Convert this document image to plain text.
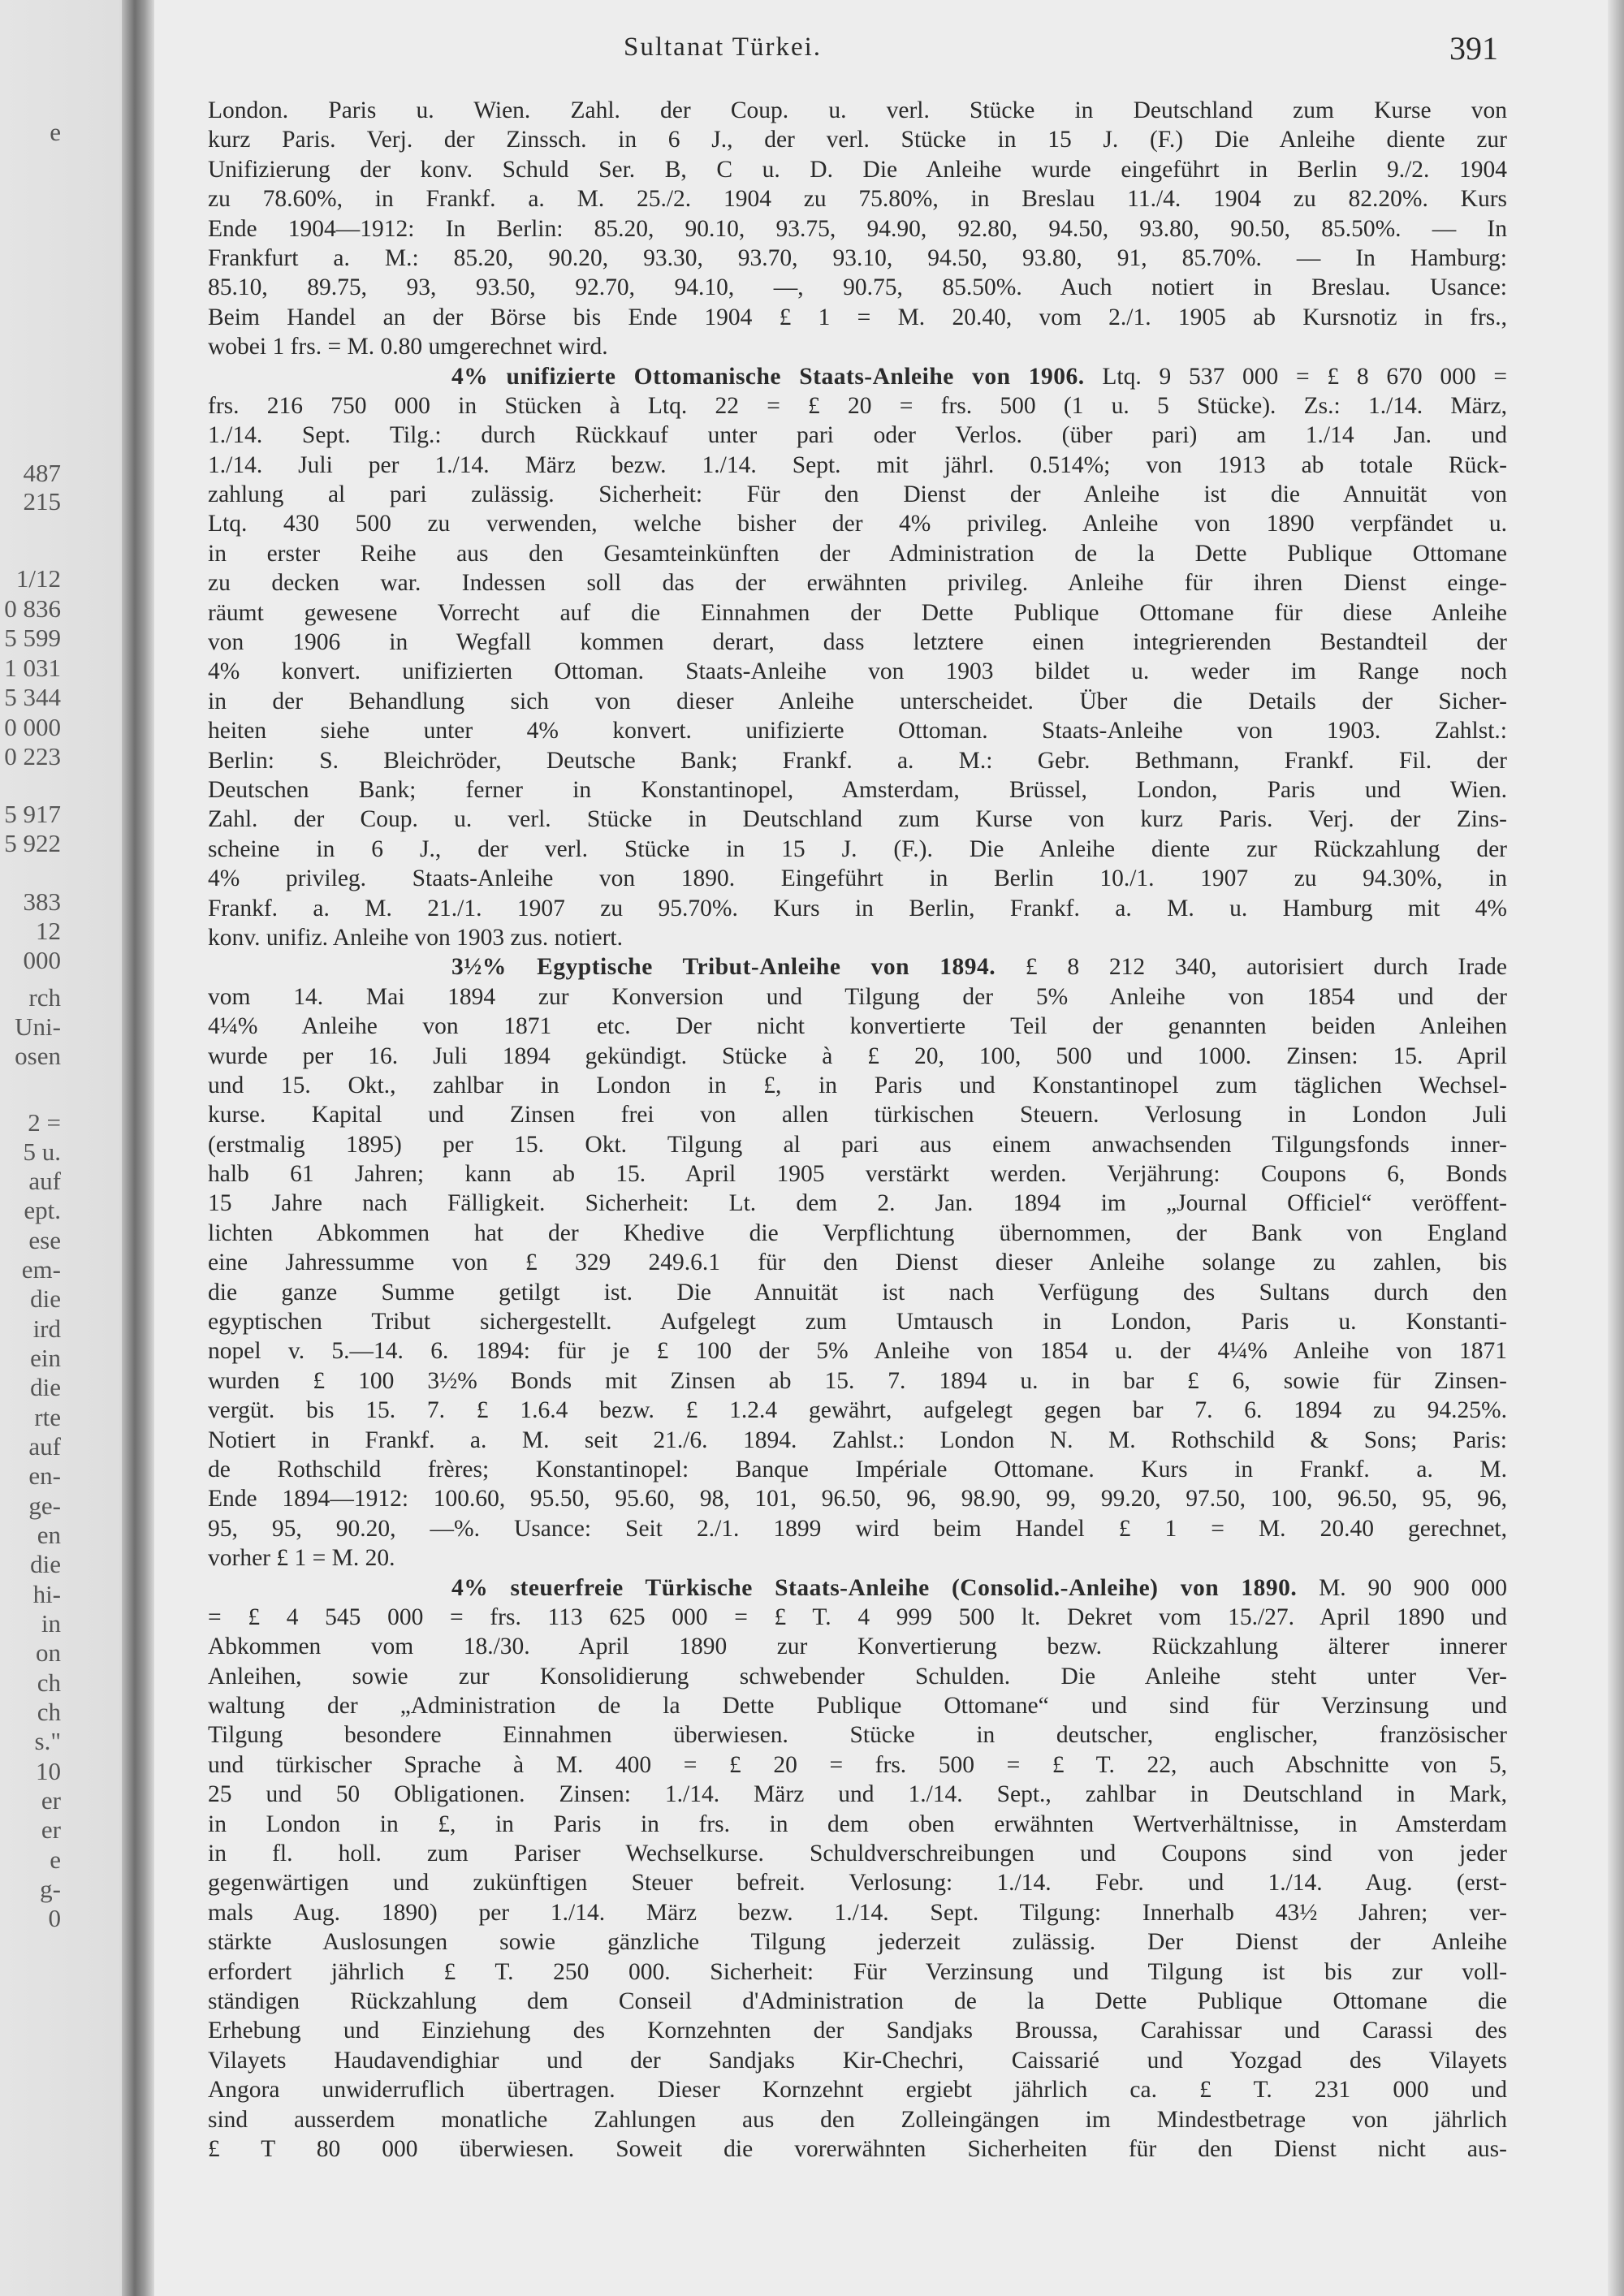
e
487
215
1/12
0 836
5 599
1 031
5 344
0 000
0 223
5 917
5 922
383
12
000
rch
Uni-
osen
2 =
5 u.
auf
ept.
ese
em-
die
ird
ein
die
rte
auf
en-
ge-
en
die
hi-
in
on
ch
ch
s."
10
er
er
e
g-
0
Sultanat Türkei.	391
London. Paris u. Wien. Zahl. der Coup. u. verl. Stücke in Deutschland zum Kurse von
kurz Paris. Verj. der Zinssch. in 6 J., der verl. Stücke in 15 J. (F.) Die Anleihe diente zur
Unifizierung der konv. Schuld Ser. B, C u. D. Die Anleihe wurde eingeführt in Berlin 9./2. 1904
zu 78.60%, in Frankf. a. M. 25./2. 1904 zu 75.80%, in Breslau 11./4. 1904 zu 82.20%. Kurs
Ende 1904—1912: In Berlin: 85.20, 90.10, 93.75, 94.90, 92.80, 94.50, 93.80, 90.50, 85.50%. — In
Frankfurt a. M.: 85.20, 90.20, 93.30, 93.70, 93.10, 94.50, 93.80, 91, 85.70%. — In Hamburg:
85.10, 89.75, 93, 93.50, 92.70, 94.10, —, 90.75, 85.50%. Auch notiert in Breslau. Usance:
Beim Handel an der Börse bis Ende 1904 £ 1 = M. 20.40, vom 2./1. 1905 ab Kursnotiz in frs.,
wobei 1 frs. = M. 0.80 umgerechnet wird.
4% unifizierte Ottomanische Staats-Anleihe von 1906. Ltq. 9 537 000 = £ 8 670 000 =
frs. 216 750 000 in Stücken à Ltq. 22 = £ 20 = frs. 500 (1 u. 5 Stücke). Zs.: 1./14. März,
1./14. Sept. Tilg.: durch Rückkauf unter pari oder Verlos. (über pari) am 1./14 Jan. und
1./14. Juli per 1./14. März bezw. 1./14. Sept. mit jährl. 0.514%; von 1913 ab totale Rück-
zahlung al pari zulässig. Sicherheit: Für den Dienst der Anleihe ist die Annuität von
Ltq. 430 500 zu verwenden, welche bisher der 4% privileg. Anleihe von 1890 verpfändet u.
in erster Reihe aus den Gesamteinkünften der Administration de la Dette Publique Ottomane
zu decken war. Indessen soll das der erwähnten privileg. Anleihe für ihren Dienst einge-
räumt gewesene Vorrecht auf die Einnahmen der Dette Publique Ottomane für diese Anleihe
von 1906 in Wegfall kommen derart, dass letztere einen integrierenden Bestandteil der
4% konvert. unifizierten Ottoman. Staats-Anleihe von 1903 bildet u. weder im Range noch
in der Behandlung sich von dieser Anleihe unterscheidet. Über die Details der Sicher-
heiten siehe unter 4% konvert. unifizierte Ottoman. Staats-Anleihe von 1903. Zahlst.:
Berlin: S. Bleichröder, Deutsche Bank; Frankf. a. M.: Gebr. Bethmann, Frankf. Fil. der
Deutschen Bank; ferner in Konstantinopel, Amsterdam, Brüssel, London, Paris und Wien.
Zahl. der Coup. u. verl. Stücke in Deutschland zum Kurse von kurz Paris. Verj. der Zins-
scheine in 6 J., der verl. Stücke in 15 J. (F.). Die Anleihe diente zur Rückzahlung der
4% privileg. Staats-Anleihe von 1890. Eingeführt in Berlin 10./1. 1907 zu 94.30%, in
Frankf. a. M. 21./1. 1907 zu 95.70%. Kurs in Berlin, Frankf. a. M. u. Hamburg mit 4%
konv. unifiz. Anleihe von 1903 zus. notiert.
3½% Egyptische Tribut-Anleihe von 1894. £ 8 212 340, autorisiert durch Irade
vom 14. Mai 1894 zur Konversion und Tilgung der 5% Anleihe von 1854 und der
4¼% Anleihe von 1871 etc. Der nicht konvertierte Teil der genannten beiden Anleihen
wurde per 16. Juli 1894 gekündigt. Stücke à £ 20, 100, 500 und 1000. Zinsen: 15. April
und 15. Okt., zahlbar in London in £, in Paris und Konstantinopel zum täglichen Wechsel-
kurse. Kapital und Zinsen frei von allen türkischen Steuern. Verlosung in London Juli
(erstmalig 1895) per 15. Okt. Tilgung al pari aus einem anwachsenden Tilgungsfonds inner-
halb 61 Jahren; kann ab 15. April 1905 verstärkt werden. Verjährung: Coupons 6, Bonds
15 Jahre nach Fälligkeit. Sicherheit: Lt. dem 2. Jan. 1894 im „Journal Officiel“ veröffent-
lichten Abkommen hat der Khedive die Verpflichtung übernommen, der Bank von England
eine Jahressumme von £ 329 249.6.1 für den Dienst dieser Anleihe solange zu zahlen, bis
die ganze Summe getilgt ist. Die Annuität ist nach Verfügung des Sultans durch den
egyptischen Tribut sichergestellt. Aufgelegt zum Umtausch in London, Paris u. Konstanti-
nopel v. 5.—14. 6. 1894: für je £ 100 der 5% Anleihe von 1854 u. der 4¼% Anleihe von 1871
wurden £ 100 3½% Bonds mit Zinsen ab 15. 7. 1894 u. in bar £ 6, sowie für Zinsen-
vergüt. bis 15. 7. £ 1.6.4 bezw. £ 1.2.4 gewährt, aufgelegt gegen bar 7. 6. 1894 zu 94.25%.
Notiert in Frankf. a. M. seit 21./6. 1894. Zahlst.: London N. M. Rothschild & Sons; Paris:
de Rothschild frères; Konstantinopel: Banque Impériale Ottomane. Kurs in Frankf. a. M.
Ende 1894—1912: 100.60, 95.50, 95.60, 98, 101, 96.50, 96, 98.90, 99, 99.20, 97.50, 100, 96.50, 95, 96,
95, 95, 90.20, —%. Usance: Seit 2./1. 1899 wird beim Handel £ 1 = M. 20.40 gerechnet,
vorher £ 1 = M. 20.
4% steuerfreie Türkische Staats-Anleihe (Consolid.-Anleihe) von 1890. M. 90 900 000
= £ 4 545 000 = frs. 113 625 000 = £ T. 4 999 500 lt. Dekret vom 15./27. April 1890 und
Abkommen vom 18./30. April 1890 zur Konvertierung bezw. Rückzahlung älterer innerer
Anleihen, sowie zur Konsolidierung schwebender Schulden. Die Anleihe steht unter Ver-
waltung der „Administration de la Dette Publique Ottomane“ und sind für Verzinsung und
Tilgung besondere Einnahmen überwiesen. Stücke in deutscher, englischer, französischer
und türkischer Sprache à M. 400 = £ 20 = frs. 500 = £ T. 22, auch Abschnitte von 5,
25 und 50 Obligationen. Zinsen: 1./14. März und 1./14. Sept., zahlbar in Deutschland in Mark,
in London in £, in Paris in frs. in dem oben erwähnten Wertverhältnisse, in Amsterdam
in fl. holl. zum Pariser Wechselkurse. Schuldverschreibungen und Coupons sind von jeder
gegenwärtigen und zukünftigen Steuer befreit. Verlosung: 1./14. Febr. und 1./14. Aug. (erst-
mals Aug. 1890) per 1./14. März bezw. 1./14. Sept. Tilgung: Innerhalb 43½ Jahren; ver-
stärkte Auslosungen sowie gänzliche Tilgung jederzeit zulässig. Der Dienst der Anleihe
erfordert jährlich £ T. 250 000. Sicherheit: Für Verzinsung und Tilgung ist bis zur voll-
ständigen Rückzahlung dem Conseil d'Administration de la Dette Publique Ottomane die
Erhebung und Einziehung des Kornzehnten der Sandjaks Broussa, Carahissar und Carassi des
Vilayets Haudavendighiar und der Sandjaks Kir-Chechri, Caissarié und Yozgad des Vilayets
Angora unwiderruflich übertragen. Dieser Kornzehnt ergiebt jährlich ca. £ T. 231 000 und
sind ausserdem monatliche Zahlungen aus den Zolleingängen im Mindestbetrage von jährlich
£ T 80 000 überwiesen. Soweit die vorerwähnten Sicherheiten für den Dienst nicht aus-
